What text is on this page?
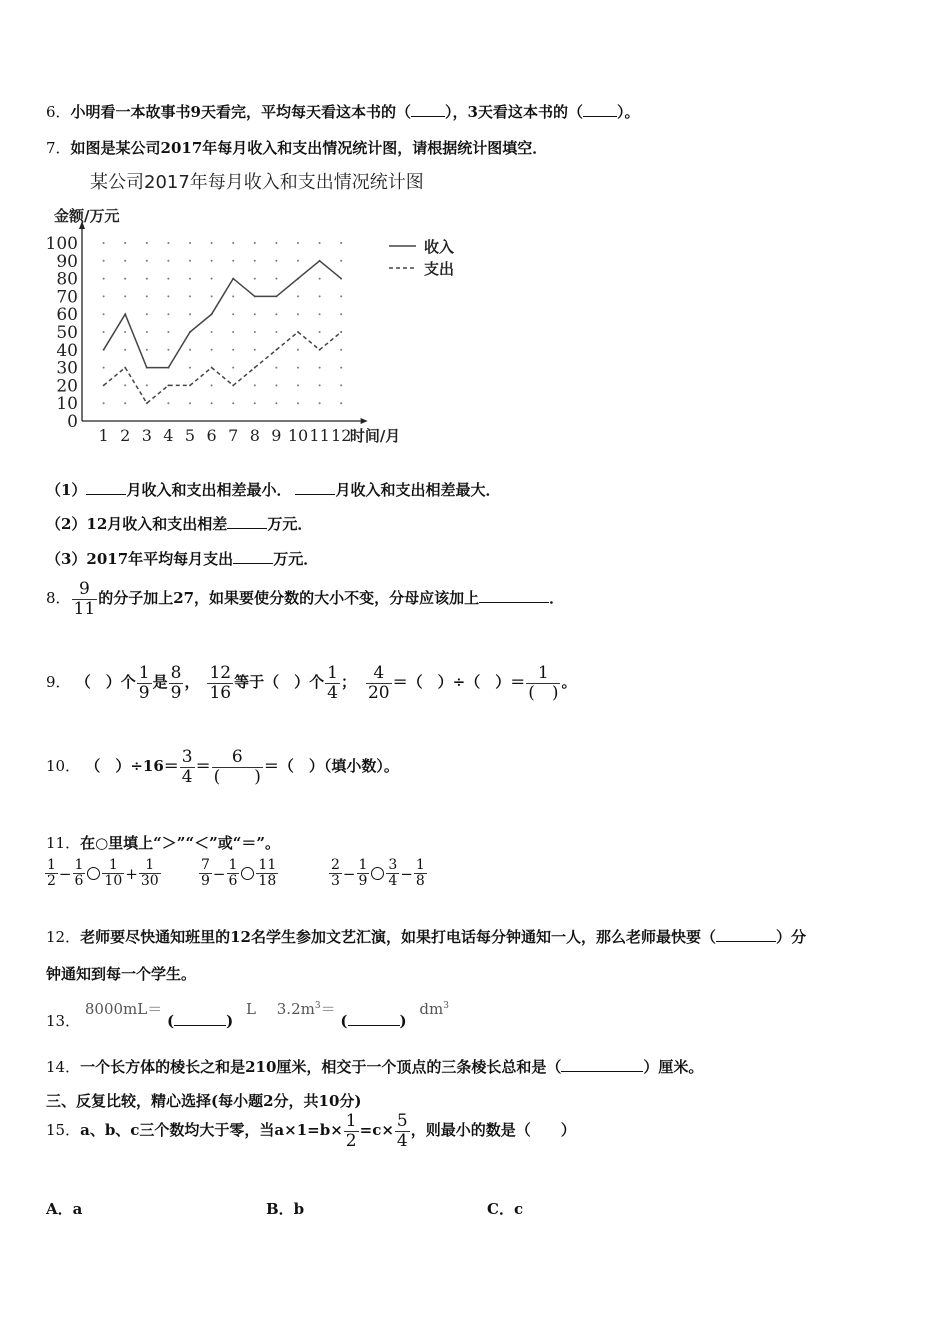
6．小明看一本故事书9天看完，平均每天看这本书的（ ），3天看这本书的（ ）。
7．如图是某公司2017年每月收入和支出情况统计图，请根据统计图填空．
某公司2017年每月收入和支出情况统计图
0
10
20
30
40
50
60
70
80
90
100
1 2 3 4 5 6 7 8 9 10 11 12
金额/万元
时间/月
收入
支出
（1）	月收入和支出相差最小．	月收入和支出相差最大．
（2）12月收入和支出相差	万元．
（3）2017年平均每月支出	万元．
8． $\frac{9}{11}$ 的分子加上27，如果要使分数的大小不变，分母应该加上	．
9． （　）个 $\frac{1}{9}$ 是 $\frac{8}{9}$ ， $\frac{12}{16}$ 等于（　）个 $\frac{1}{4}$ ； $\frac{4}{20}$ ＝（　）÷（　）＝ $\frac{1}{( )}$ 。
10． （　）$\div 16= \frac{3}{4} = \frac{6}{( )}$ ＝（　）（填小数）。
11．在○里填上“＞”“＜”或“＝”。
$\frac{1}{2} - \frac{1}{6} \frac{1}{10} + \frac{1}{30}$	$\frac{7}{9} - \frac{1}{6} \frac{11}{18}$	$\frac{2}{3} - \frac{1}{9} \frac{3}{4} - \frac{1}{8}$
12．老师要尽快通知班里的12名学生参加文艺汇演，如果打电话每分钟通知一人，那么老师最快要（	）分
钟通知到每一个学生。
13． 8000mL＝ (	) L $3.2m^3=$ (	) $dm^3$
14．一个长方体的棱长之和是210厘米，相交于一个顶点的三条棱长总和是（	）厘米。
三、反复比较，精心选择(每小题2分，共10分)
15．a、b、c三个数均大于零，当$a\times 1=b\times \frac{1}{2} =c\times \frac{5}{4}$ ，则最小的数是（　　）
A．a	B．b	C．c
